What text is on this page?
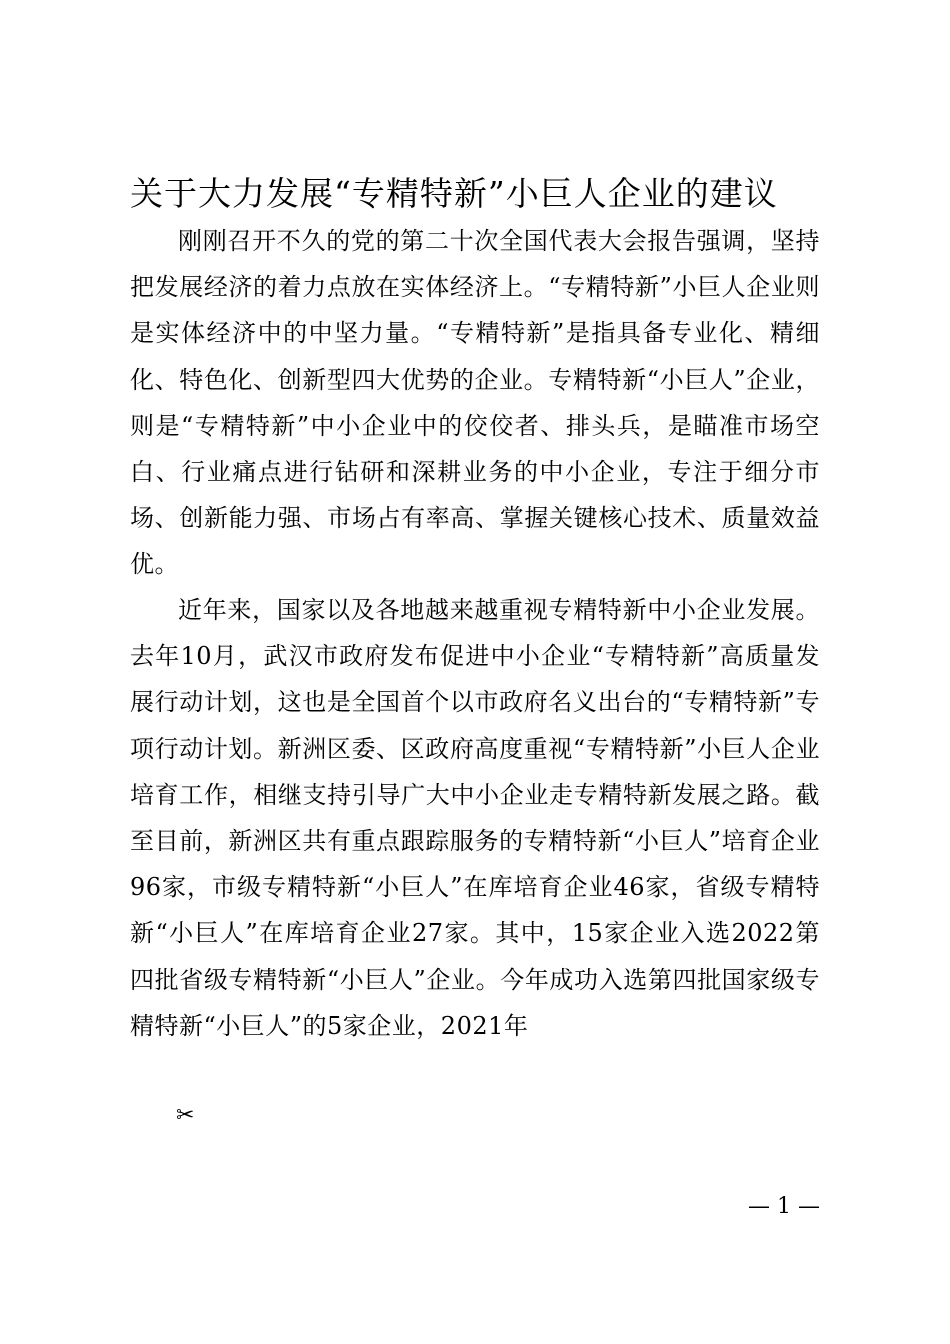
关于大力发展“专精特新”小巨人企业的建议

刚刚召开不久的党的第二十次全国代表大会报告强调，坚持把发展经济的着力点放在实体经济上。“专精特新”小巨人企业则是实体经济中的中坚力量。“专精特新”是指具备专业化、精细化、特色化、创新型四大优势的企业。专精特新“小巨人”企业，则是“专精特新”中小企业中的佼佼者、排头兵，是瞄准市场空白、行业痛点进行钻研和深耕业务的中小企业，专注于细分市场、创新能力强、市场占有率高、掌握关键核心技术、质量效益优。

近年来，国家以及各地越来越重视专精特新中小企业发展。去年10月，武汉市政府发布促进中小企业“专精特新”高质量发展行动计划，这也是全国首个以市政府名义出台的“专精特新”专项行动计划。新洲区委、区政府高度重视“专精特新”小巨人企业培育工作，相继支持引导广大中小企业走专精特新发展之路。截至目前，新洲区共有重点跟踪服务的专精特新“小巨人”培育企业96家，市级专精特新“小巨人”在库培育企业46家，省级专精特新“小巨人”在库培育企业27家。其中，15家企业入选2022第四批省级专精特新“小巨人”企业。今年成功入选第四批国家级专精特新“小巨人”的5家企业，2021年

✂
— 1 —
